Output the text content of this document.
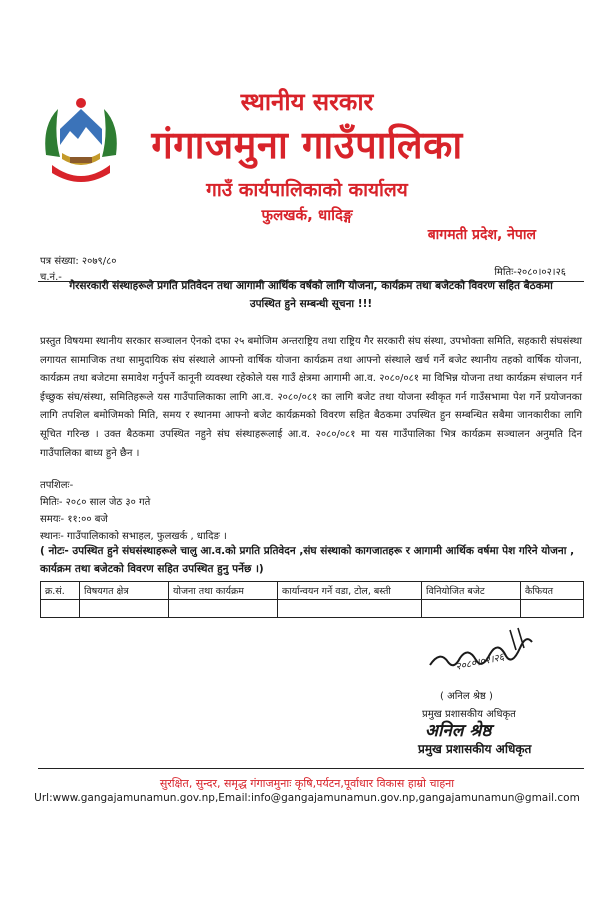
स्थानीय सरकार
गंगाजमुना गाउँपालिका
गाउँ कार्यपालिकाको कार्यालय
फुलखर्क, धादिङ्ग
बागमती प्रदेश, नेपाल
पत्र संख्या: २०७९/८०
च.नं.-	मितिः-२०८०।०२।२६
गैरसरकारी संस्थाहरूले प्रगति प्रतिवेदन तथा आगामी आर्थिक वर्षको लागि योजना, कार्यक्रम तथा बजेटको विवरण सहित बैठकमा
उपस्थित हुने सम्बन्धी सूचना !!!
प्रस्तुत विषयमा स्थानीय सरकार सञ्चालन ऐनको दफा २५ बमोजिम अन्तराष्ट्रिय तथा राष्ट्रिय गैर सरकारी संघ संस्था, उपभोक्ता समिति, सहकारी संघसंस्था लगायत सामाजिक तथा सामुदायिक संघ संस्थाले आफ्नो वार्षिक योजना कार्यक्रम तथा आफ्नो संस्थाले खर्च गर्ने बजेट स्थानीय तहको वार्षिक योजना, कार्यक्रम तथा बजेटमा समावेश गर्नुपर्ने कानूनी व्यवस्था रहेकोले यस गाउँ क्षेत्रमा आगामी आ.व. २०८०/०८१ मा विभिन्न योजना तथा कार्यक्रम संचालन गर्न ईच्छुक संघ/संस्था, समितिहरूले यस गाउँपालिकाका लागि आ.व. २०८०/०८१ का लागि बजेट तथा योजना स्वीकृत गर्न गाउँसभामा पेश गर्ने प्रयोजनका लागि तपशिल बमोजिमको मिति, समय र स्थानमा आफ्नो बजेट कार्यक्रमको विवरण सहित बैठकमा उपस्थित हुन सम्बन्धित सबैमा जानकारीका लागि सूचित गरिन्छ । उक्त बैठकमा उपस्थित नहुने संघ संस्थाहरूलाई आ.व. २०८०/०८१ मा यस गाउँपालिका भित्र कार्यक्रम सञ्चालन अनुमति दिन गाउँपालिका बाध्य हुने छैन ।
तपशिलः-
मितिः- २०८० साल जेठ ३० गते
समयः- ११:०० बजे
स्थानः- गाउँपालिकाको सभाहल, फुलखर्क , धादिङ ।
( नोटः- उपस्थित हुने संघसंस्थाहरूले चालु आ.व.को प्रगति प्रतिवेदन ,संघ संस्थाको कागजातहरू र आगामी आर्थिक वर्षमा पेश गरिने योजना , कार्यक्रम तथा बजेटको विवरण सहित उपस्थित हुनु पर्नेछ ।)
क्र.सं.	विषयगत क्षेत्र	योजना तथा कार्यक्रम	कार्यान्वयन गर्ने वडा, टोल, बस्ती	विनियोजित बजेट	कैफियत

२०८०।०२।२६
( अनिल श्रेष्ठ )
प्रमुख प्रशासकीय अधिकृत
अनिल श्रेष्ठ
प्रमुख प्रशासकीय अधिकृत
सुरक्षित, सुन्दर, समृद्ध गंगाजमुनाः कृषि,पर्यटन,पूर्वाधार विकास हाम्रो चाहना
Url:www.gangajamunamun.gov.np,Email:info@gangajamunamun.gov.np,gangajamunamun@gmail.com
